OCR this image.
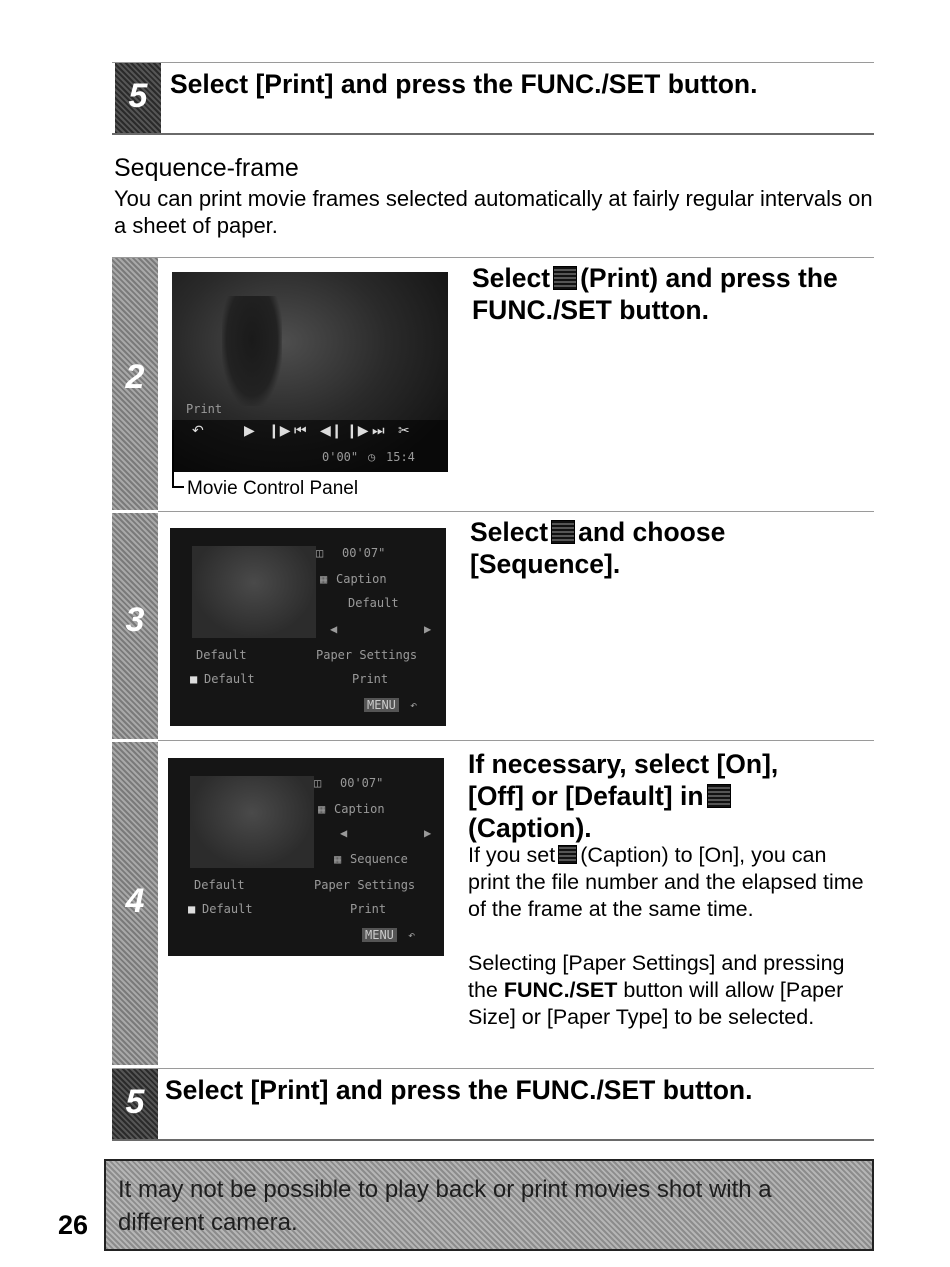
5 Select [Print] and press the FUNC./SET button.
Sequence-frame
You can print movie frames selected automatically at fairly regular intervals on a sheet of paper.
2
3
4
Print
↶	▶ ❙▶ ⏮ ◀❙ ❙▶ ⏭ ✂
0'00" ◷ 15:4
Movie Control Panel
Select (Print) and press the FUNC./SET button.
◫ 00'07"
▦ Caption
Default
◀	▶
Default	Paper Settings
■ Default	Print
MENU ↶
Select and choose [Sequence].
◫ 00'07"
▦ Caption
◀	▶
▦ Sequence
Default	Paper Settings
■ Default	Print
MENU ↶
If necessary, select [On],
[Off] or [Default] in
(Caption).
If you set (Caption) to [On], you can print the file number and the elapsed time of the frame at the same time.
Selecting [Paper Settings] and pressing the FUNC./SET button will allow [Paper Size] or [Paper Type] to be selected.
5 Select [Print] and press the FUNC./SET button.
It may not be possible to play back or print movies shot with a different camera.
26
